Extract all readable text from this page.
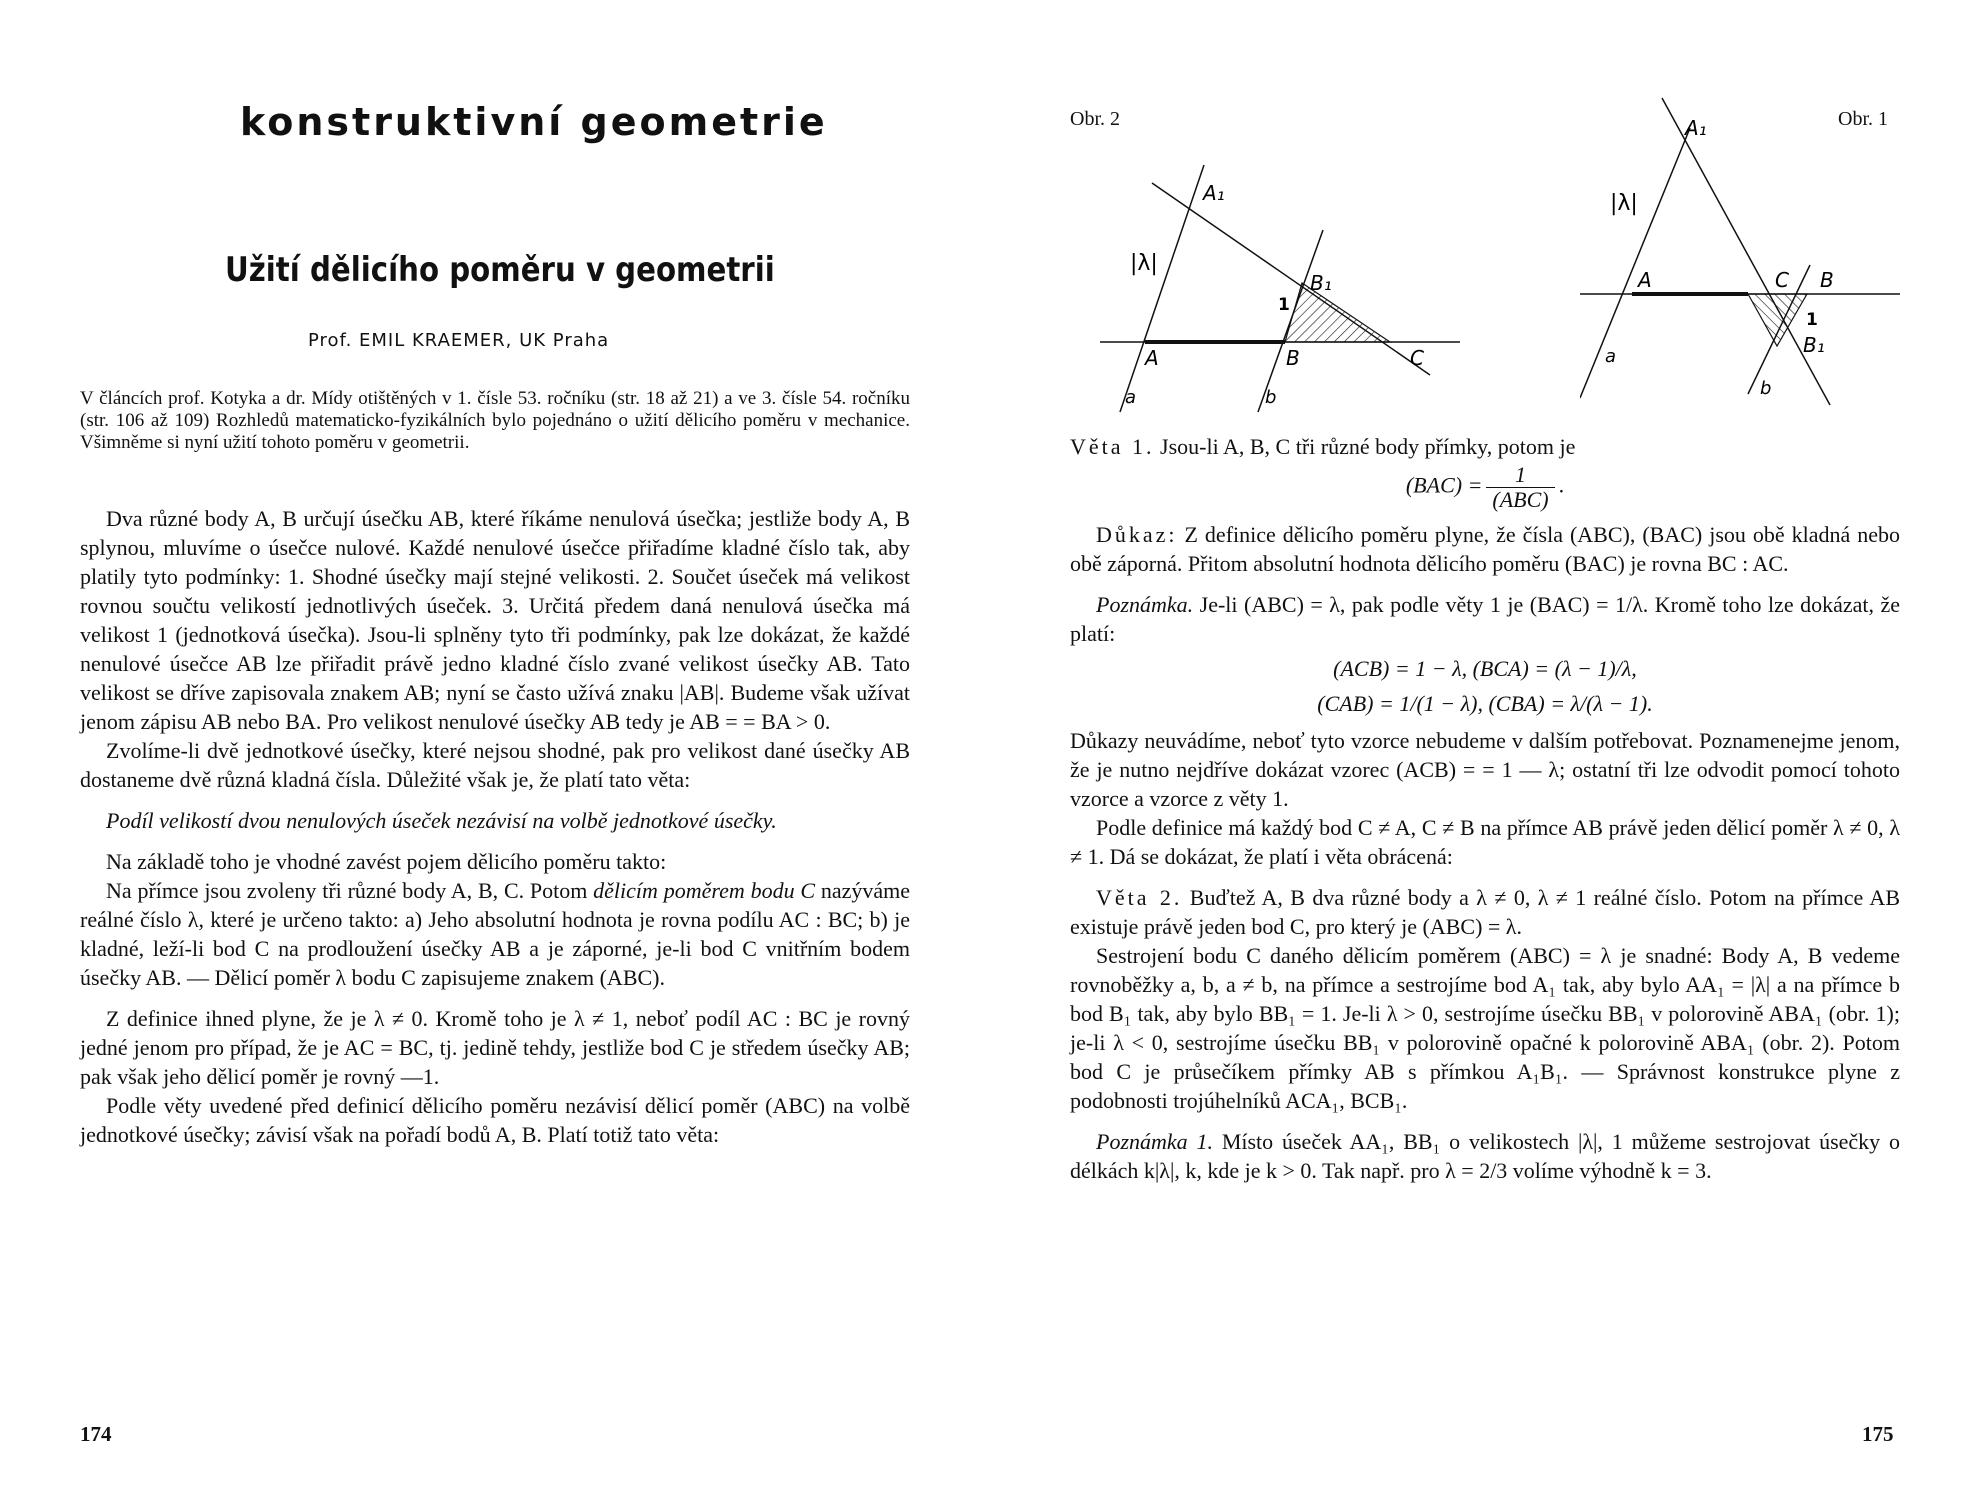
konstruktivní geometrie
Užití dělicího poměru v geometrii
Prof. EMIL KRAEMER, UK Praha
V článcích prof. Kotyka a dr. Mídy otištěných v 1. čísle 53. ročníku (str. 18 až 21) a ve 3. čísle 54. ročníku (str. 106 až 109) Rozhledů matematicko-fyzikálních bylo pojednáno o užití dělicího poměru v mechanice. Všimněme si nyní užití tohoto poměru v geometrii.

Dva různé body A, B určují úsečku AB, které říkáme nenulová úsečka; jestliže body A, B splynou, mluvíme o úsečce nulové. Každé nenulové úsečce přiřadíme kladné číslo tak, aby platily tyto podmínky: 1. Shodné úsečky mají stejné velikosti. 2. Součet úseček má velikost rovnou součtu velikostí jednotlivých úseček. 3. Určitá předem daná nenulová úsečka má velikost 1 (jednotková úsečka). Jsou-li splněny tyto tři podmínky, pak lze dokázat, že každé nenulové úsečce AB lze přiřadit právě jedno kladné číslo zvané velikost úsečky AB. Tato velikost se dříve zapisovala znakem AB; nyní se často užívá znaku |AB|. Budeme však užívat jenom zápisu AB nebo BA. Pro velikost nenulové úsečky AB tedy je AB = = BA > 0.

Zvolíme-li dvě jednotkové úsečky, které nejsou shodné, pak pro velikost dané úsečky AB dostaneme dvě různá kladná čísla. Důležité však je, že platí tato věta:

Podíl velikostí dvou nenulových úseček nezávisí na volbě jednotkové úsečky.

Na základě toho je vhodné zavést pojem dělicího poměru takto:

Na přímce jsou zvoleny tři různé body A, B, C. Potom dělicím poměrem bodu C nazýváme reálné číslo λ, které je určeno takto: a) Jeho absolutní hodnota je rovna podílu AC : BC; b) je kladné, leží-li bod C na prodloužení úsečky AB a je záporné, je-li bod C vnitřním bodem úsečky AB. — Dělicí poměr λ bodu C zapisujeme znakem (ABC).

Z definice ihned plyne, že je λ ≠ 0. Kromě toho je λ ≠ 1, neboť podíl AC : BC je rovný jedné jenom pro případ, že je AC = BC, tj. jedině tehdy, jestliže bod C je středem úsečky AB; pak však jeho dělicí poměr je rovný —1.

Podle věty uvedené před definicí dělicího poměru nezávisí dělicí poměr (ABC) na volbě jednotkové úsečky; závisí však na pořadí bodů A, B. Platí totiž tato věta:

174
Obr. 2	Obr. 1
A₁
B₁
|λ|
1
A	B	C
a	b
A₁
|λ|
A	C B
1
B₁
a
b

Věta 1. Jsou-li A, B, C tři různé body přímky, potom je

$(BAC) = \frac{1}{\text{(ABC)}}$ .

Důkaz: Z definice dělicího poměru plyne, že čísla (ABC), (BAC) jsou obě kladná nebo obě záporná. Přitom absolutní hodnota dělicího poměru (BAC) je rovna BC : AC.

Poznámka. Je-li (ABC) = λ, pak podle věty 1 je (BAC) = 1/λ. Kromě toho lze dokázat, že platí:

(ACB) = 1 − λ, (BCA) = (λ − 1)/λ,

(CAB) = 1/(1 − λ), (CBA) = λ/(λ − 1).

Důkazy neuvádíme, neboť tyto vzorce nebudeme v dalším potřebovat. Poznamenejme jenom, že je nutno nejdříve dokázat vzorec (ACB) = = 1 — λ; ostatní tři lze odvodit pomocí tohoto vzorce a vzorce z věty 1.

Podle definice má každý bod C ≠ A, C ≠ B na přímce AB právě jeden dělicí poměr λ ≠ 0, λ ≠ 1. Dá se dokázat, že platí i věta obrácená:

Věta 2. Buďtež A, B dva různé body a λ ≠ 0, λ ≠ 1 reálné číslo. Potom na přímce AB existuje právě jeden bod C, pro který je (ABC) = λ.

Sestrojení bodu C daného dělicím poměrem (ABC) = λ je snadné: Body A, B vedeme rovnoběžky a, b, a ≠ b, na přímce a sestrojíme bod A₁ tak, aby bylo AA₁ = |λ| a na přímce b bod B₁ tak, aby bylo BB₁ = 1. Je-li λ > 0, sestrojíme úsečku BB₁ v polorovině ABA₁ (obr. 1); je-li λ < 0, sestrojíme úsečku BB₁ v polorovině opačné k polorovině ABA₁ (obr. 2). Potom bod C je průsečíkem přímky AB s přímkou A₁B₁. — Správnost konstrukce plyne z podobnosti trojúhelníků ACA₁, BCB₁.

Poznámka 1. Místo úseček AA₁, BB₁ o velikostech |λ|, 1 můžeme sestrojovat úsečky o délkách k|λ|, k, kde je k > 0. Tak např. pro λ = 2/3 volíme výhodně k = 3.

175
